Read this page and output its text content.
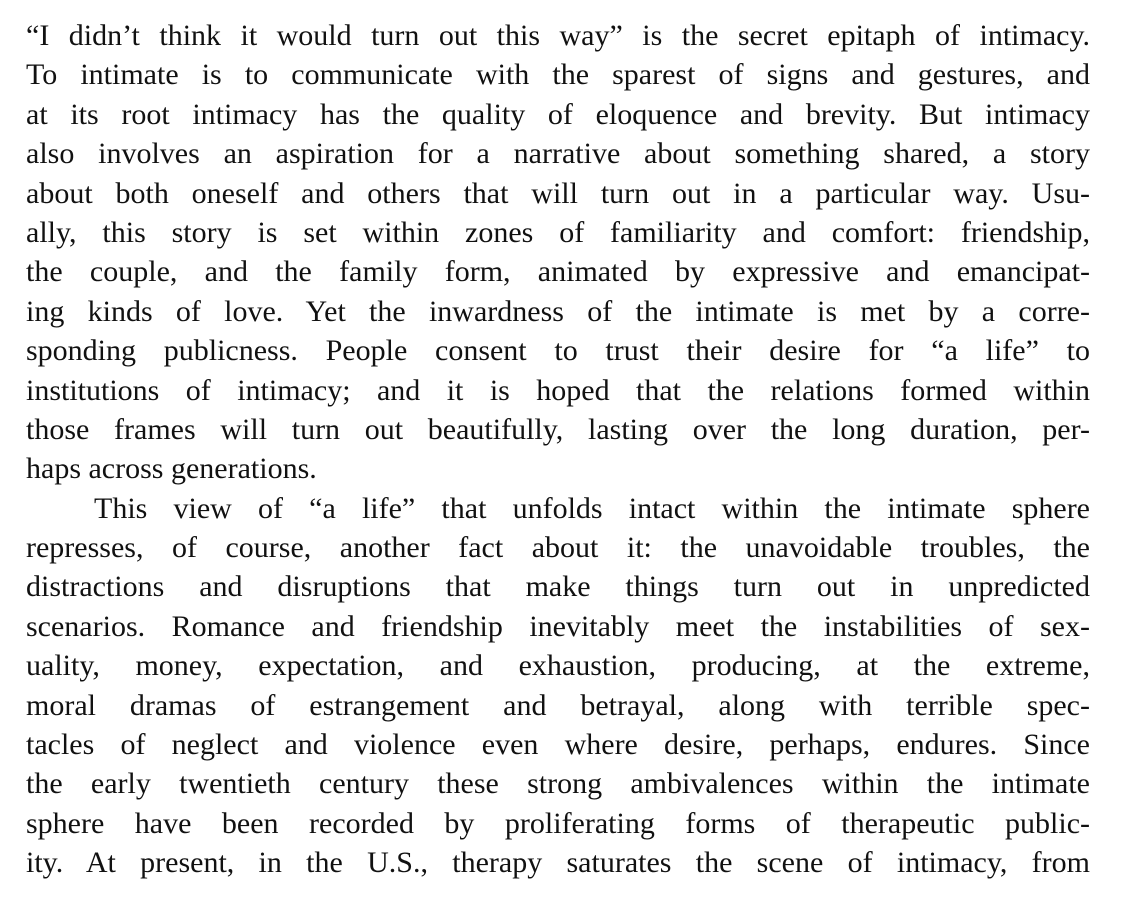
“I didn’t think it would turn out this way” is the secret epitaph of intimacy.
To intimate is to communicate with the sparest of signs and gestures, and
at its root intimacy has the quality of eloquence and brevity. But intimacy
also involves an aspiration for a narrative about something shared, a story
about both oneself and others that will turn out in a particular way. Usu-
ally, this story is set within zones of familiarity and comfort: friendship,
the couple, and the family form, animated by expressive and emancipat-
ing kinds of love. Yet the inwardness of the intimate is met by a corre-
sponding publicness. People consent to trust their desire for “a life” to
institutions of intimacy; and it is hoped that the relations formed within
those frames will turn out beautifully, lasting over the long duration, per-
haps across generations.
This view of “a life” that unfolds intact within the intimate sphere
represses, of course, another fact about it: the unavoidable troubles, the
distractions and disruptions that make things turn out in unpredicted
scenarios. Romance and friendship inevitably meet the instabilities of sex-
uality, money, expectation, and exhaustion, producing, at the extreme,
moral dramas of estrangement and betrayal, along with terrible spec-
tacles of neglect and violence even where desire, perhaps, endures. Since
the early twentieth century these strong ambivalences within the intimate
sphere have been recorded by proliferating forms of therapeutic public-
ity. At present, in the U.S., therapy saturates the scene of intimacy, from
